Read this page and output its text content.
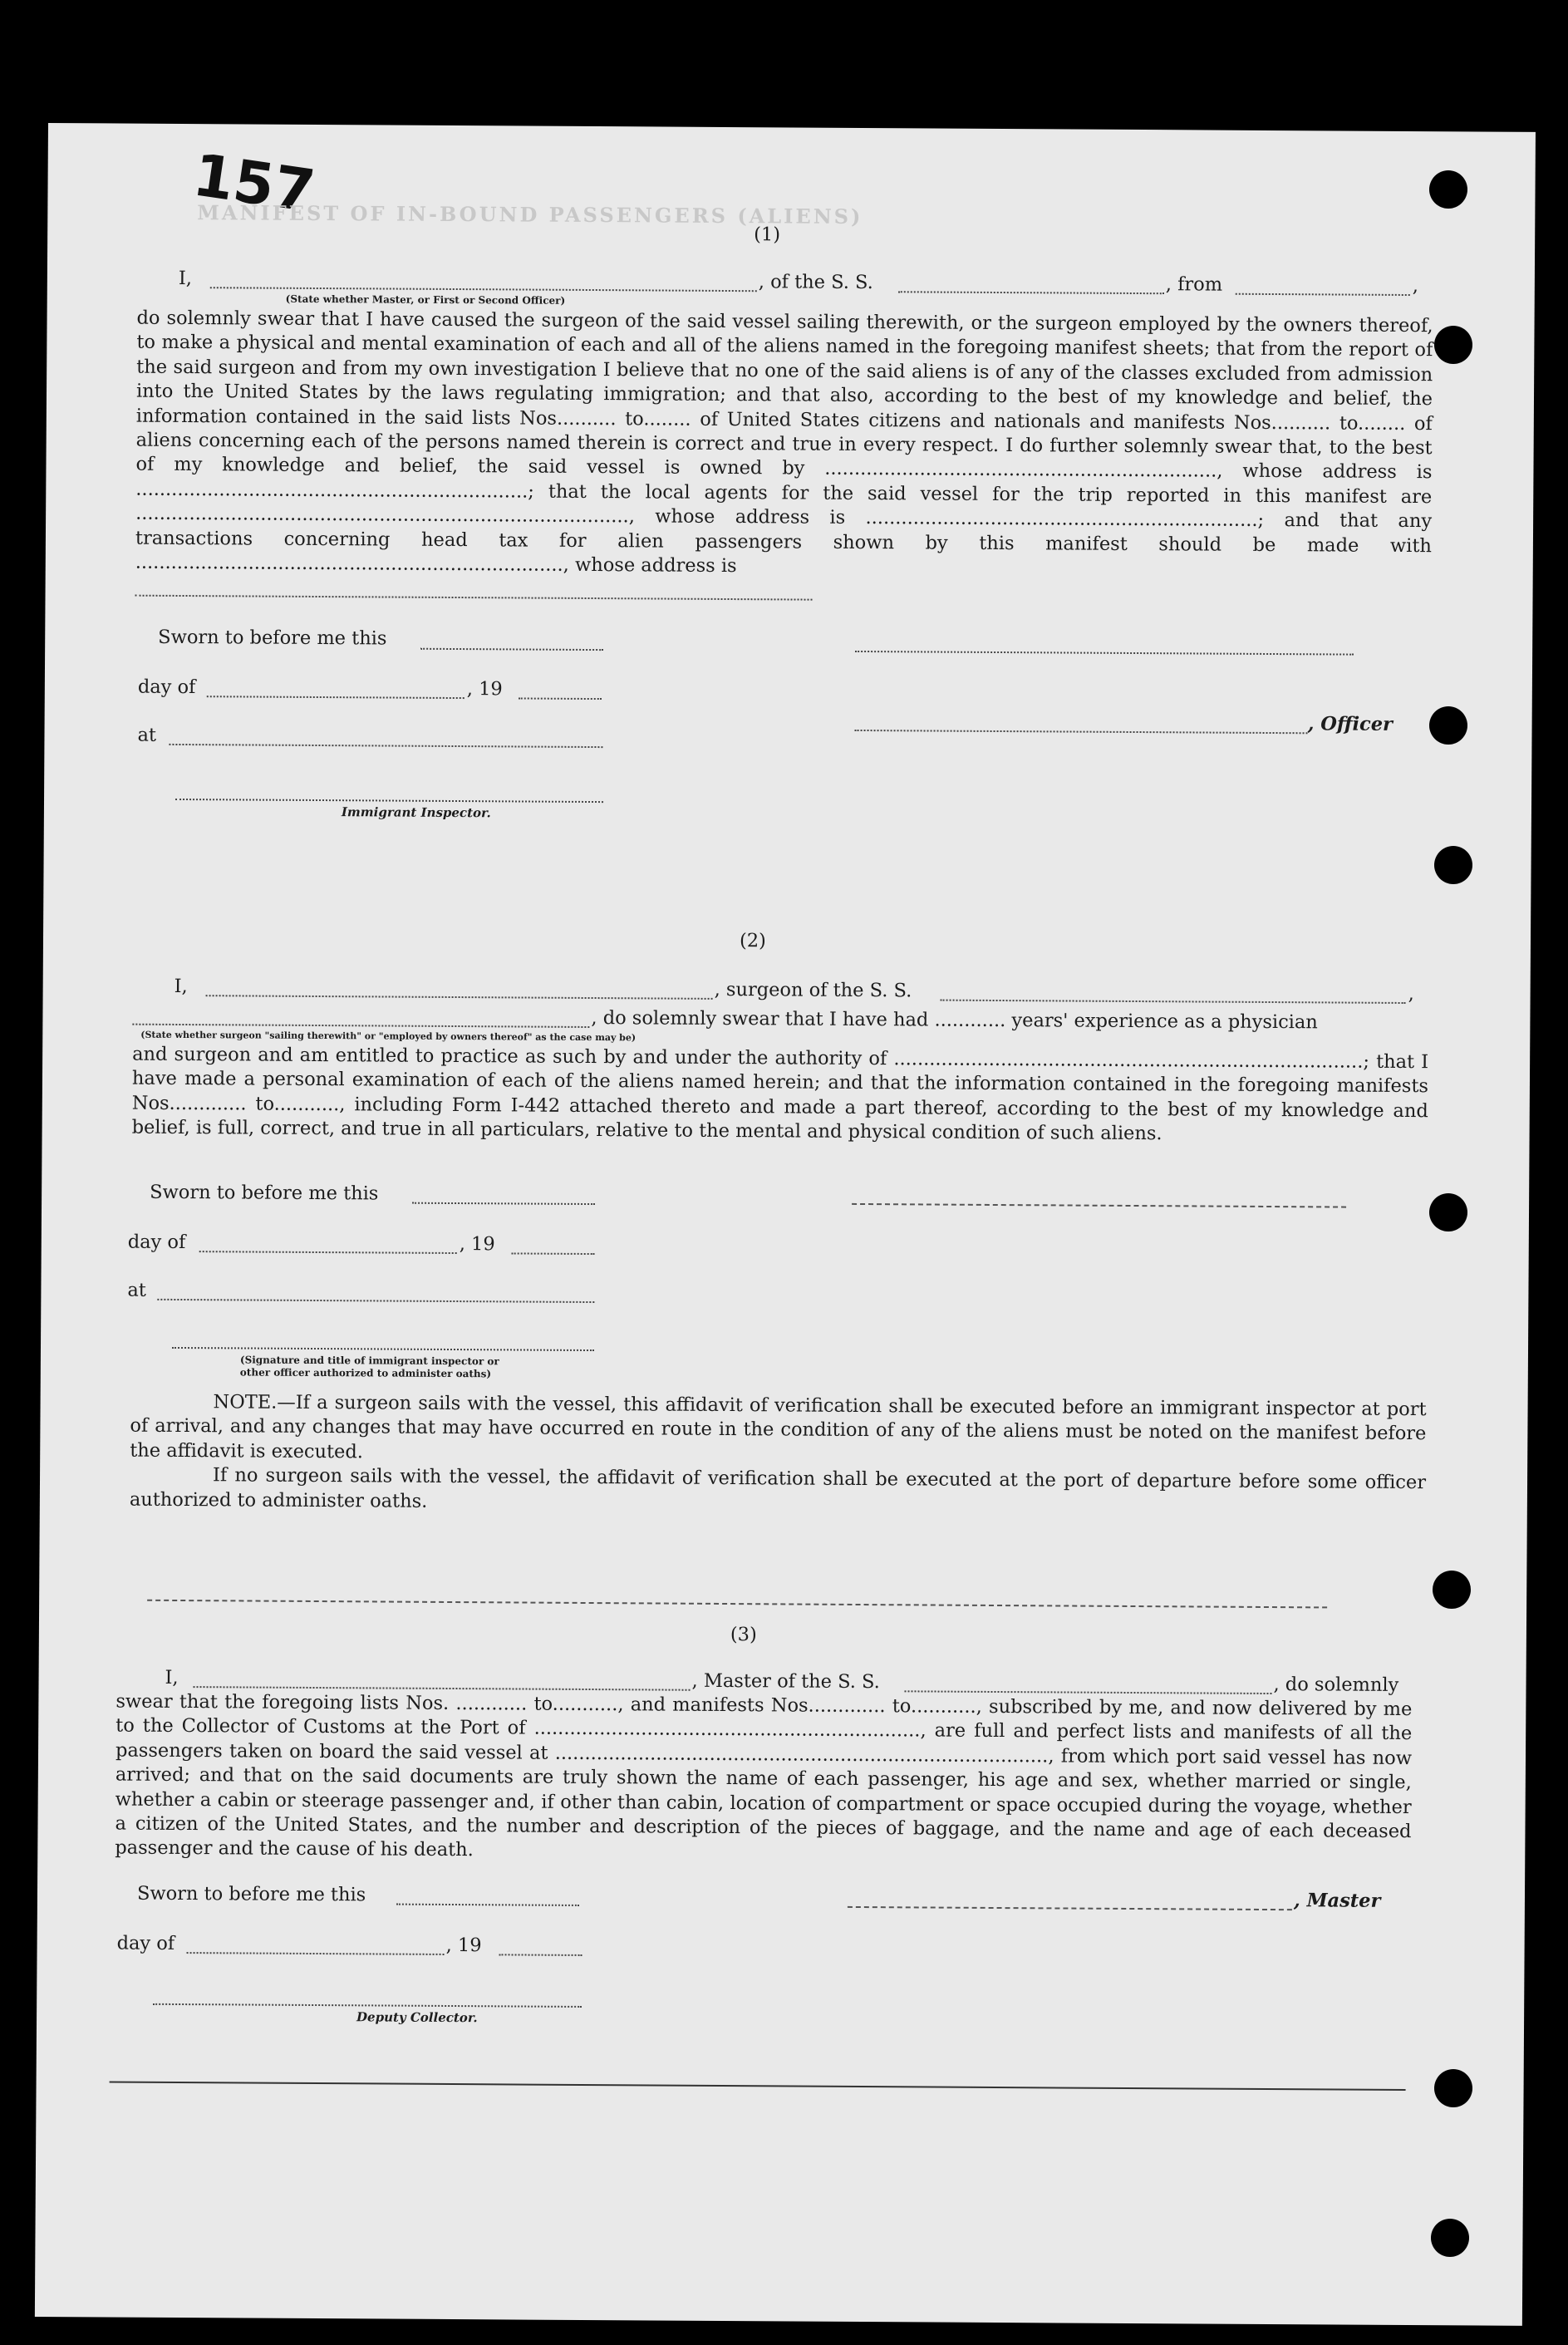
157
MANIFEST OF IN-BOUND PASSENGERS (ALIENS)
(1)
I,	, of the S. S.	, from	,
(State whether Master, or First or Second Officer)

do solemnly swear that I have caused the surgeon of the said vessel sailing therewith, or the surgeon employed by the owners thereof, to make a physical and mental examination of each and all of the aliens named in the foregoing manifest sheets; that from the report of the said surgeon and from my own investigation I believe that no one of the said aliens is of any of the classes excluded from admission into the United States by the laws regulating immigration; and that also, according to the best of my knowledge and belief, the information contained in the said lists Nos.......... to........ of United States citizens and nationals and manifests Nos.......... to........ of aliens concerning each of the persons named therein is correct and true in every respect. I do further solemnly swear that, to the best of my knowledge and belief, the said vessel is owned by .................................................................., whose address is ..................................................................; that the local agents for the said vessel for the trip reported in this manifest are ..................................................................................., whose address is ..................................................................; and that any transactions concerning head tax for alien passengers shown by this manifest should be made with ........................................................................, whose address is

Sworn to before me this
day of	, 19
at	, Officer
Immigrant Inspector.
(2)
I,	, surgeon of the S. S.	,
, do solemnly swear that I have had ............ years' experience as a physician
(State whether surgeon "sailing therewith" or "employed by owners thereof" as the case may be)

and surgeon and am entitled to practice as such by and under the authority of ...............................................................................; that I have made a personal examination of each of the aliens named herein; and that the information contained in the foregoing manifests Nos............. to..........., including Form I-442 attached thereto and made a part thereof, according to the best of my knowledge and belief, is full, correct, and true in all particulars, relative to the mental and physical condition of such aliens.

Sworn to before me this
day of	, 19
at
(Signature and title of immigrant inspector or
other officer authorized to administer oaths)

NOTE.—If a surgeon sails with the vessel, this affidavit of verification shall be executed before an immigrant inspector at port of arrival, and any changes that may have occurred en route in the condition of any of the aliens must be noted on the manifest before the affidavit is executed.

If no surgeon sails with the vessel, the affidavit of verification shall be executed at the port of departure before some officer authorized to administer oaths.

(3)
I,	, Master of the S. S.	, do solemnly

swear that the foregoing lists Nos. ............ to..........., and manifests Nos............. to..........., subscribed by me, and now delivered by me to the Collector of Customs at the Port of ................................................................., are full and perfect lists and manifests of all the passengers taken on board the said vessel at ..................................................................................., from which port said vessel has now arrived; and that on the said documents are truly shown the name of each passenger, his age and sex, whether married or single, whether a cabin or steerage passenger and, if other than cabin, location of compartment or space occupied during the voyage, whether a citizen of the United States, and the number and description of the pieces of baggage, and the name and age of each deceased passenger and the cause of his death.

Sworn to before me this	, Master
day of	, 19
Deputy Collector.
